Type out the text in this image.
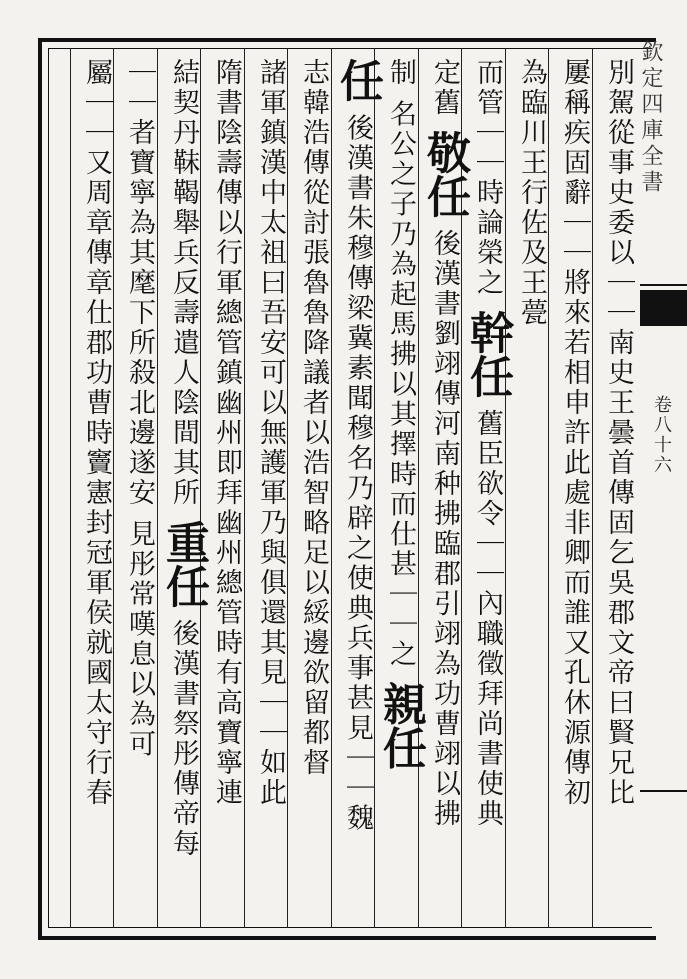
欽定四庫全書
卷八十六
別駕從事史委以｜｜南史王曇首傳固乞吳郡文帝曰賢兄比
屢稱疾固辭｜｜將來若相申許此處非卿而誰又孔休源傳初
為臨川王行佐及王甍
而管｜｜時論榮之 幹任 舊臣欲令｜｜內職徵拜尚書使典
定舊 敬任 後漢書劉翊傳河南种拂臨郡引翊為功曹翊以拂
制 名公之子乃為起馬拂以其擇時而仕甚｜｜之 親任
任 後漢書朱穆傳梁冀素聞穆名乃辟之使典兵事甚見｜｜魏
志韓浩傳從討張魯魯降議者以浩智略足以綏邊欲留都督
諸軍鎮漢中太祖曰吾安可以無護軍乃與俱還其見｜｜如此
隋書陰壽傳以行軍總管鎮幽州即拜幽州總管時有高寶寧連
結契丹靺鞨舉兵反壽遣人陰間其所 重任 後漢書祭彤傳帝每
｜｜者寶寧為其麾下所殺北邊遂安 見彤常嘆息以為可
屬｜｜又周章傳章仕郡功曹時竇憲封冠軍侯就國太守行春
